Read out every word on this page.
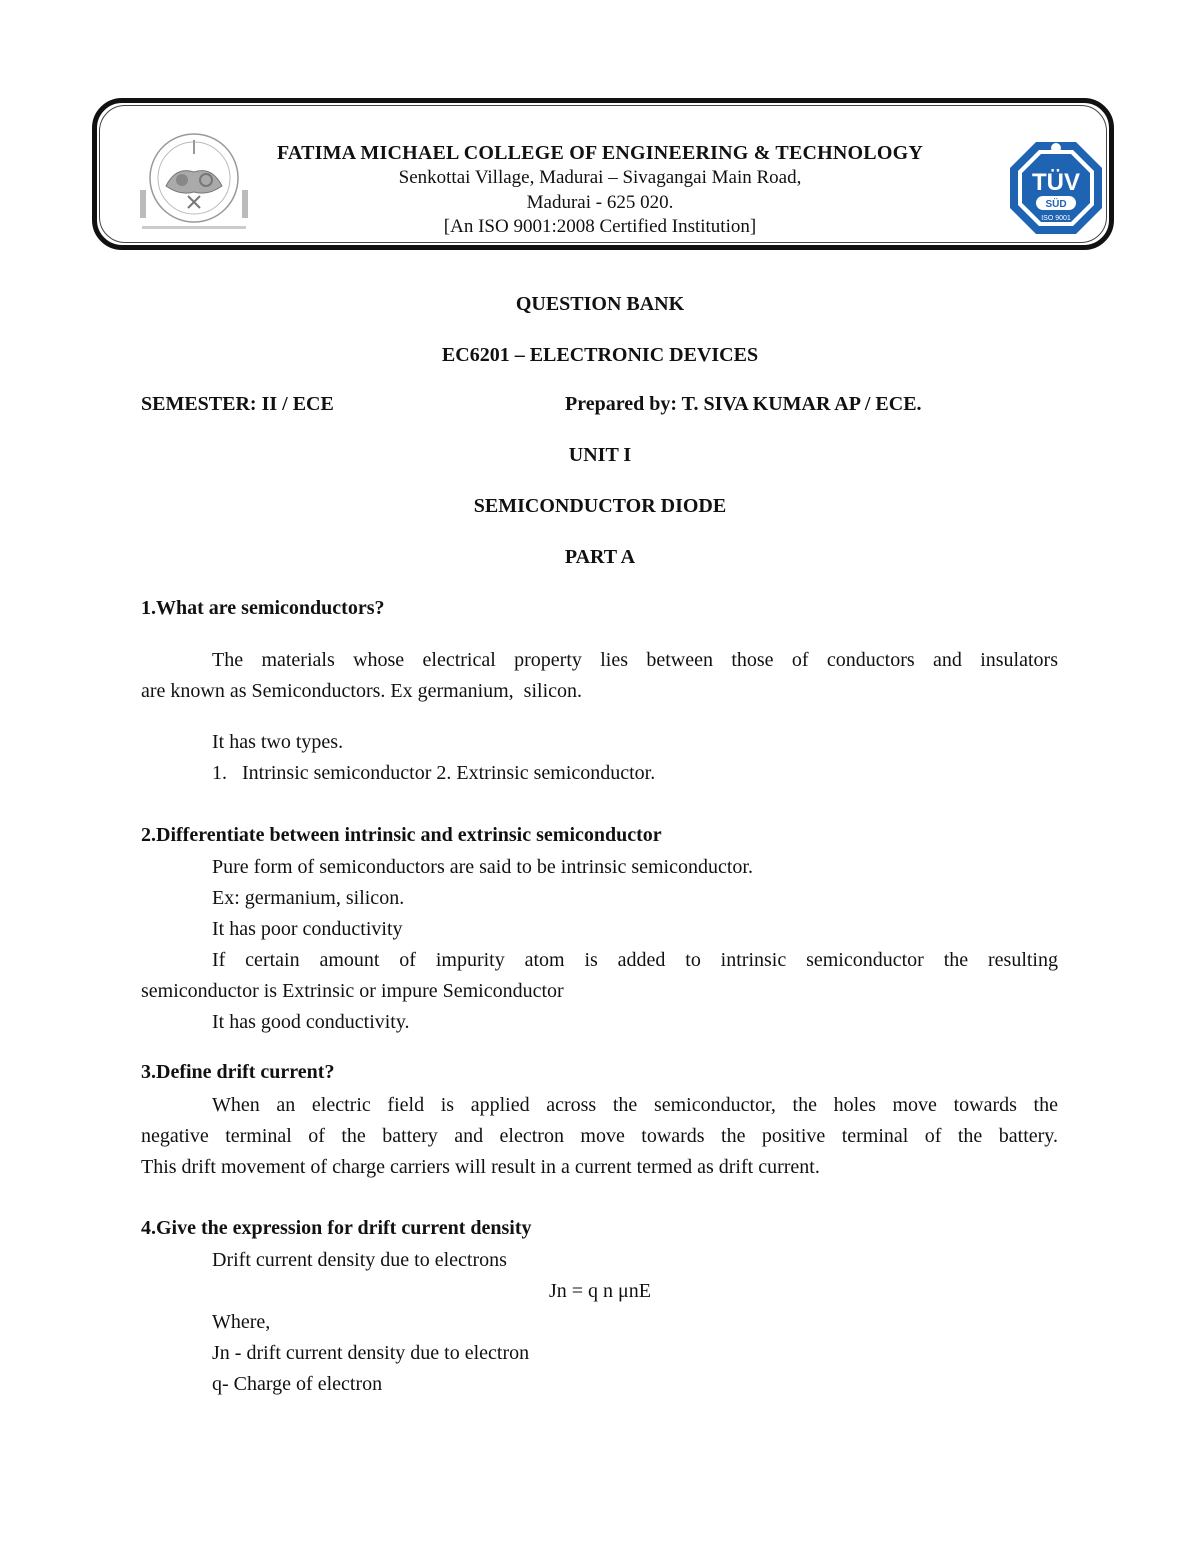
FATIMA MICHAEL COLLEGE OF ENGINEERING & TECHNOLOGY
Senkottai Village, Madurai – Sivagangai Main Road,
Madurai - 625 020.
[An ISO 9001:2008 Certified Institution]
TÜV
SÜD
ISO 9001
QUESTION BANK
EC6201 – ELECTRONIC DEVICES
SEMESTER: II / ECE	Prepared by: T. SIVA KUMAR AP / ECE.
UNIT I
SEMICONDUCTOR DIODE
PART A
1.What are semiconductors?
The materials whose electrical property lies between those of conductors and insulators
are known as Semiconductors. Ex germanium,  silicon.
It has two types.
1.   Intrinsic semiconductor 2. Extrinsic semiconductor.
2.Differentiate between intrinsic and extrinsic semiconductor
Pure form of semiconductors are said to be intrinsic semiconductor.
Ex: germanium, silicon.
It has poor conductivity
If certain amount of impurity atom is added to intrinsic semiconductor the resulting
semiconductor is Extrinsic or impure Semiconductor
It has good conductivity.
3.Define drift current?
When an electric field is applied across the semiconductor, the holes move towards the
negative terminal of the battery and electron move towards the positive terminal of the battery.
This drift movement of charge carriers will result in a current termed as drift current.
4.Give the expression for drift current density
Drift current density due to electrons
Jn = q n μnE
Where,
Jn - drift current density due to electron
q- Charge of electron
